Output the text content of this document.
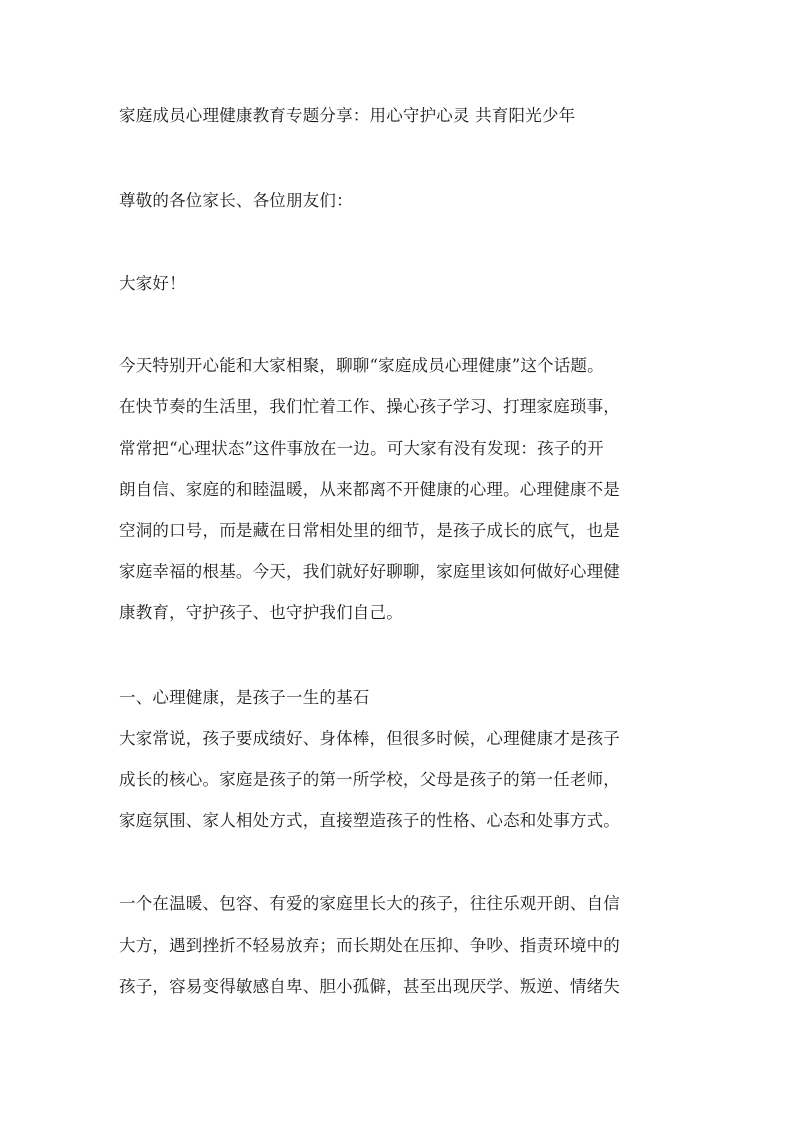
家庭成员心理健康教育专题分享：用心守护心灵 共育阳光少年
尊敬的各位家长、各位朋友们：
大家好！
今天特别开心能和大家相聚，聊聊“家庭成员心理健康”这个话题。
在快节奏的生活里，我们忙着工作、操心孩子学习、打理家庭琐事，
常常把“心理状态”这件事放在一边。可大家有没有发现：孩子的开
朗自信、家庭的和睦温暖，从来都离不开健康的心理。心理健康不是
空洞的口号，而是藏在日常相处里的细节，是孩子成长的底气，也是
家庭幸福的根基。今天，我们就好好聊聊，家庭里该如何做好心理健
康教育，守护孩子、也守护我们自己。
一、心理健康，是孩子一生的基石
大家常说，孩子要成绩好、身体棒，但很多时候，心理健康才是孩子
成长的核心。家庭是孩子的第一所学校，父母是孩子的第一任老师，
家庭氛围、家人相处方式，直接塑造孩子的性格、心态和处事方式。
一个在温暖、包容、有爱的家庭里长大的孩子，往往乐观开朗、自信
大方，遇到挫折不轻易放弃；而长期处在压抑、争吵、指责环境中的
孩子，容易变得敏感自卑、胆小孤僻，甚至出现厌学、叛逆、情绪失
